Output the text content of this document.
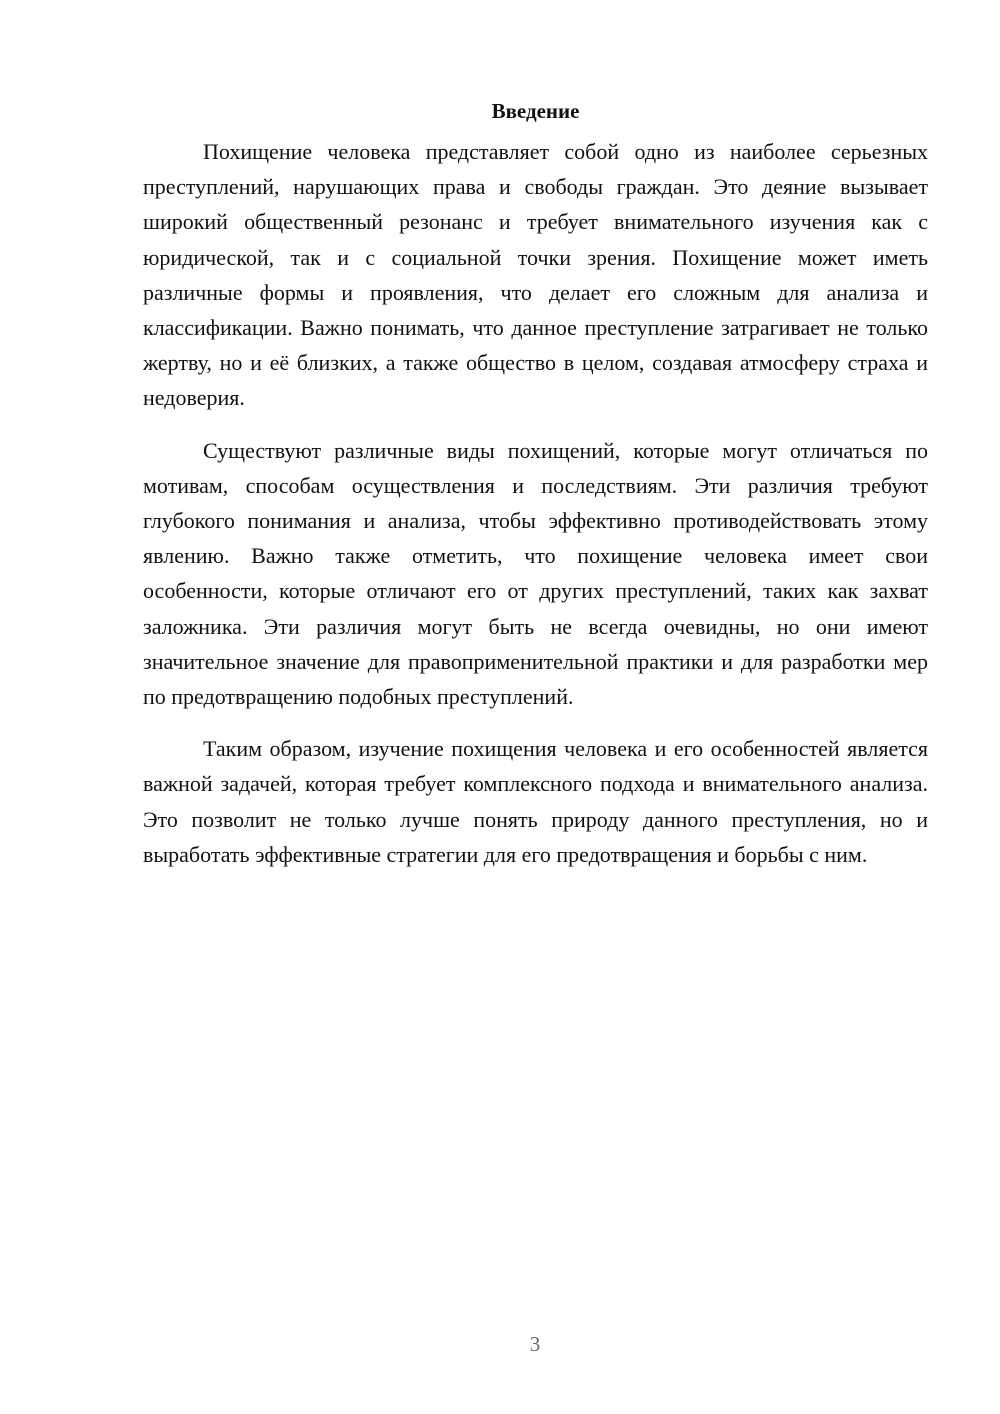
Введение

Похищение человека представляет собой одно из наиболее серьезных преступлений, нарушающих права и свободы граждан. Это деяние вызывает широкий общественный резонанс и требует внимательного изучения как с юридической, так и с социальной точки зрения. Похищение может иметь различные формы и проявления, что делает его сложным для анализа и классификации. Важно понимать, что данное преступление затрагивает не только жертву, но и её близких, а также общество в целом, создавая атмосферу страха и недоверия.

Существуют различные виды похищений, которые могут отличаться по мотивам, способам осуществления и последствиям. Эти различия требуют глубокого понимания и анализа, чтобы эффективно противодействовать этому явлению. Важно также отметить, что похищение человека имеет свои особенности, которые отличают его от других преступлений, таких как захват заложника. Эти различия могут быть не всегда очевидны, но они имеют значительное значение для правоприменительной практики и для разработки мер по предотвращению подобных преступлений.

Таким образом, изучение похищения человека и его особенностей является важной задачей, которая требует комплексного подхода и внимательного анализа. Это позволит не только лучше понять природу данного преступления, но и выработать эффективные стратегии для его предотвращения и борьбы с ним.

3
